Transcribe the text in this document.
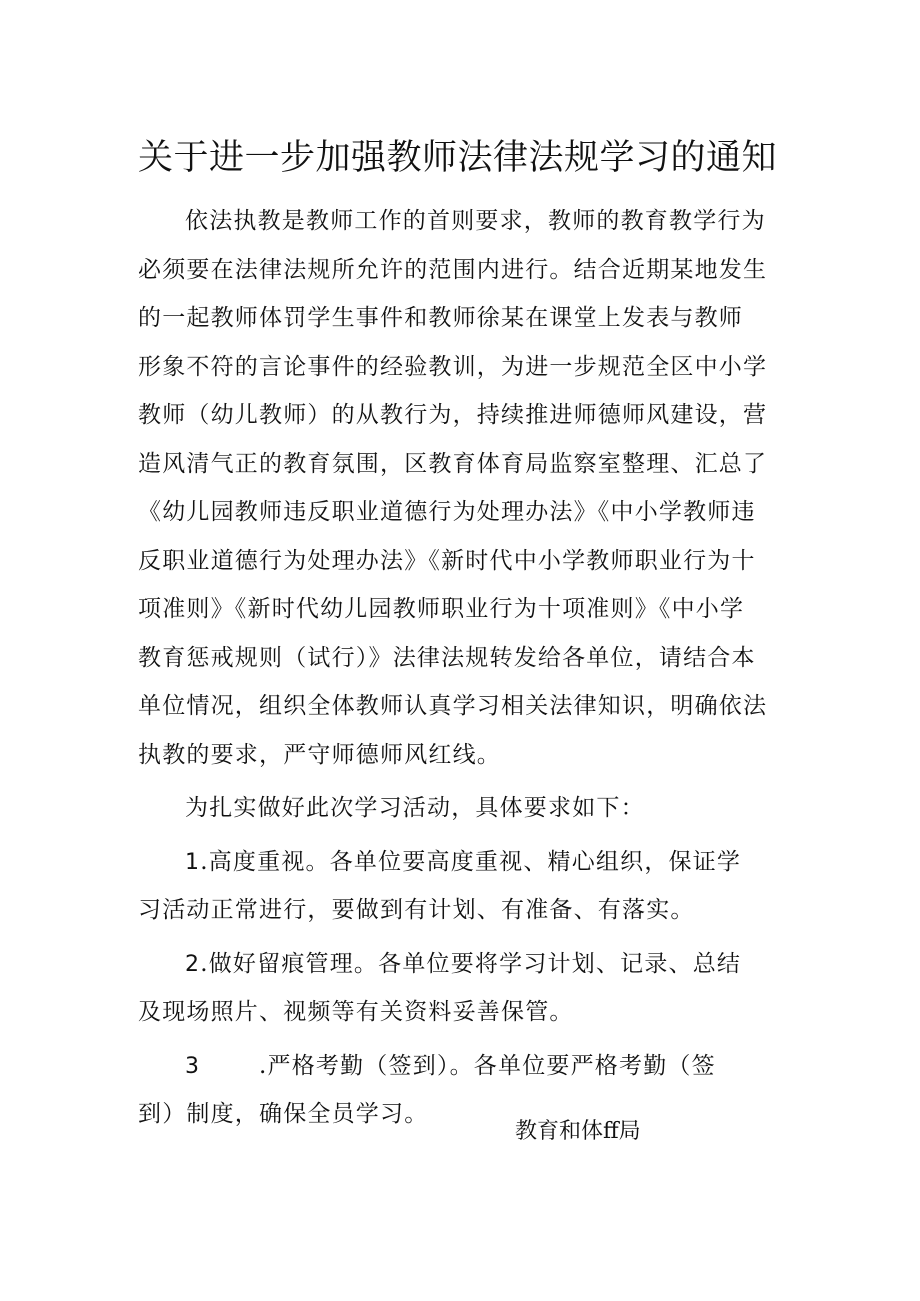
关于进一步加强教师法律法规学习的通知
依法执教是教师工作的首则要求，教师的教育教学行为
必须要在法律法规所允许的范围内进行。结合近期某地发生
的一起教师体罚学生事件和教师徐某在课堂上发表与教师
形象不符的言论事件的经验教训，为进一步规范全区中小学
教师（幼儿教师）的从教行为，持续推进师德师风建设，营
造风清气正的教育氛围，区教育体育局监察室整理、汇总了
《幼儿园教师违反职业道德行为处理办法》《中小学教师违
反职业道德行为处理办法》《新时代中小学教师职业行为十
项准则》《新时代幼儿园教师职业行为十项准则》《中小学
教育惩戒规则（试行）》法律法规转发给各单位，请结合本
单位情况，组织全体教师认真学习相关法律知识，明确依法
执教的要求，严守师德师风红线。
为扎实做好此次学习活动，具体要求如下：
1.高度重视。各单位要高度重视、精心组织，保证学
习活动正常进行，要做到有计划、有准备、有落实。
2.做好留痕管理。各单位要将学习计划、记录、总结
及现场照片、视频等有关资料妥善保管。
3	.严格考勤（签到）。各单位要严格考勤（签
到）制度，确保全员学习。
教育和体ff局
